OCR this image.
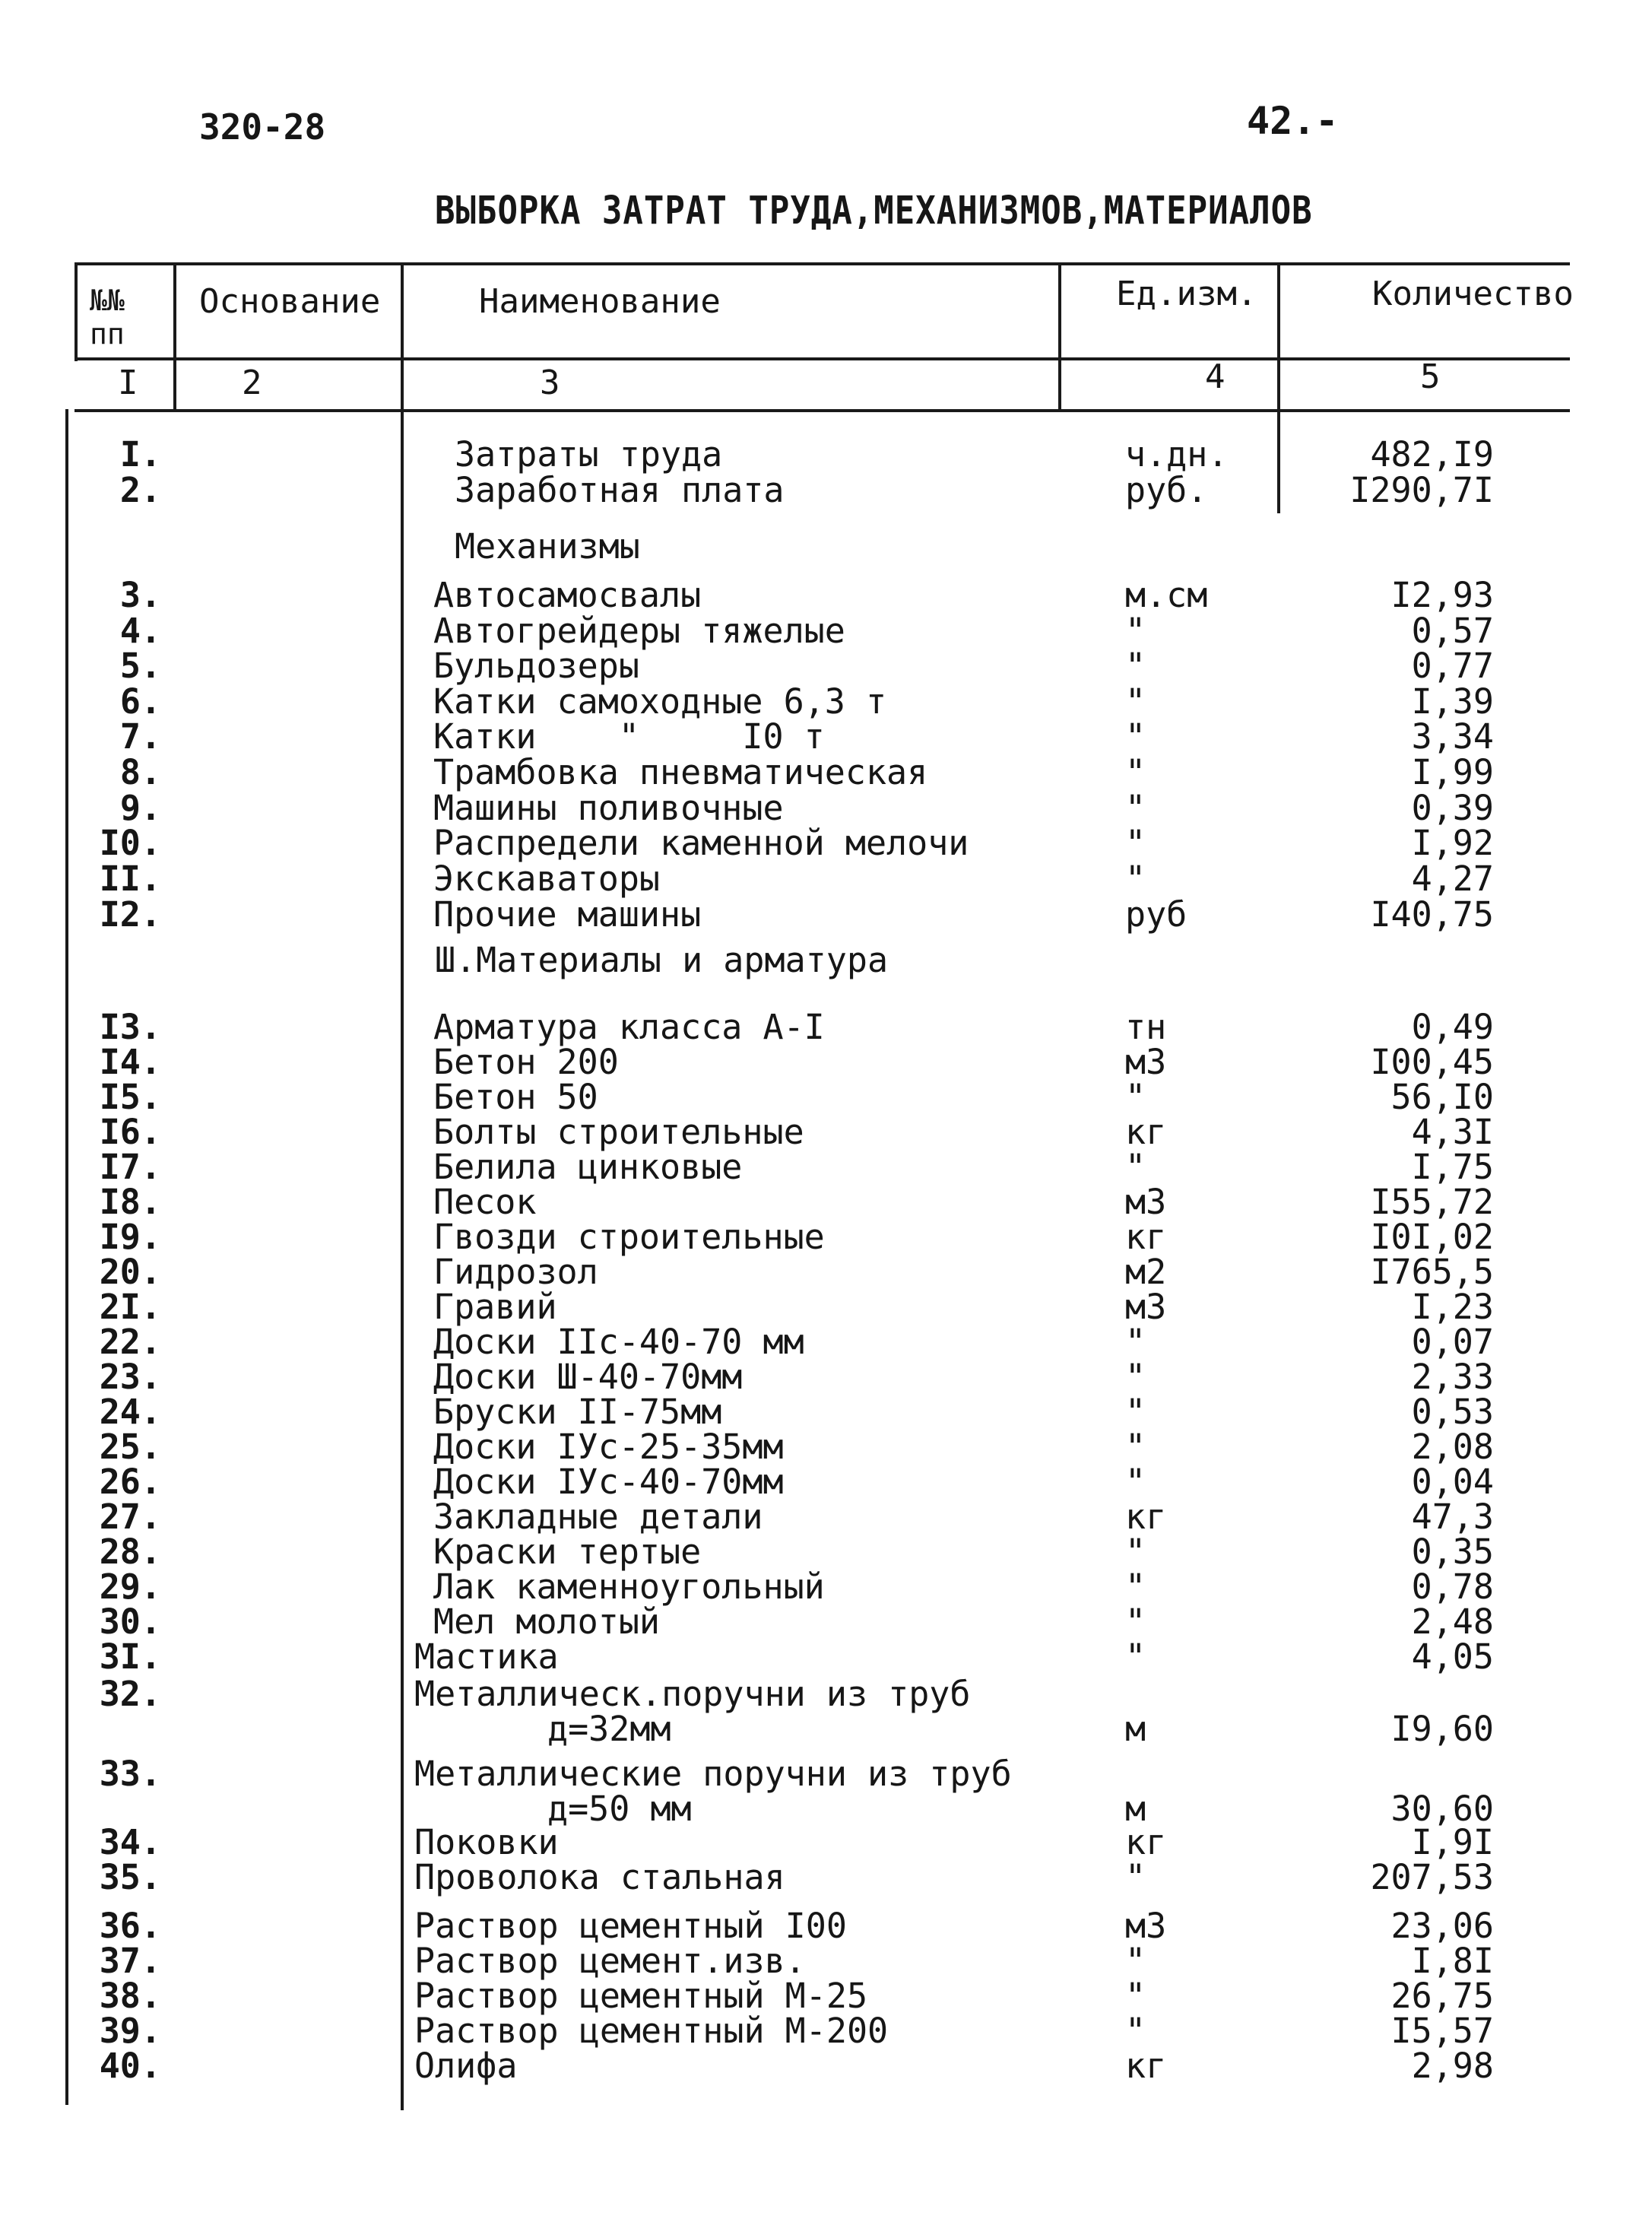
320-28	42.-
ВЫБОРКА ЗАТРАТ ТРУДА,МЕХАНИЗМОВ,МАТЕРИАЛОВ
№№ пп
Основание	Наименование	Ед.изм.	Количество
I	2	3	4	5
Механизмы
Ш.Материалы и арматура
I.	Затраты труда	ч.дн.	482,I9
2.	Заработная плата	руб.	I290,7I
3.	Автосамосвалы	м.см	I2,93
4.	Автогрейдеры тяжелые	"	0,57
5.	Бульдозеры	"	0,77
6.	Катки самоходные 6,3 т	"	I,39
7.	Катки    "     I0 т	"	3,34
8.	Трамбовка пневматическая	"	I,99
9.	Машины поливочные	"	0,39
I0.	Распредели каменной мелочи	"	I,92
II.	Экскаваторы	"	4,27
I2.	Прочие машины	руб	I40,75
I3.	Арматура класса А-I	тн	0,49
I4.	Бетон 200	м3	I00,45
I5.	Бетон 50	"	56,I0
I6.	Болты строительные	кг	4,3I
I7.	Белила цинковые	"	I,75
I8.	Песок	м3	I55,72
I9.	Гвозди строительные	кг	I0I,02
20.	Гидрозол	м2	I765,5
2I.	Гравий	м3	I,23
22.	Доски IIс-40-70 мм	"	0,07
23.	Доски Ш-40-70мм	"	2,33
24.	Бруски II-75мм	"	0,53
25.	Доски IУс-25-35мм	"	2,08
26.	Доски IУс-40-70мм	"	0,04
27.	Закладные детали	кг	47,3
28.	Краски тертые	"	0,35
29.	Лак каменноугольный	"	0,78
30.	Мел молотый	"	2,48
3I.	Мастика	"	4,05
32.	Металлическ.поручни из труб
д=32мм	м	I9,60
33.	Металлические поручни из труб
д=50 мм	м	30,60
34.	Поковки	кг	I,9I
35.	Проволока стальная	"	207,53
36.	Раствор цементный I00	м3	23,06
37.	Раствор цемент.изв.	"	I,8I
38.	Раствор цементный М-25	"	26,75
39.	Раствор цементный М-200	"	I5,57
40.	Олифа	кг	2,98
